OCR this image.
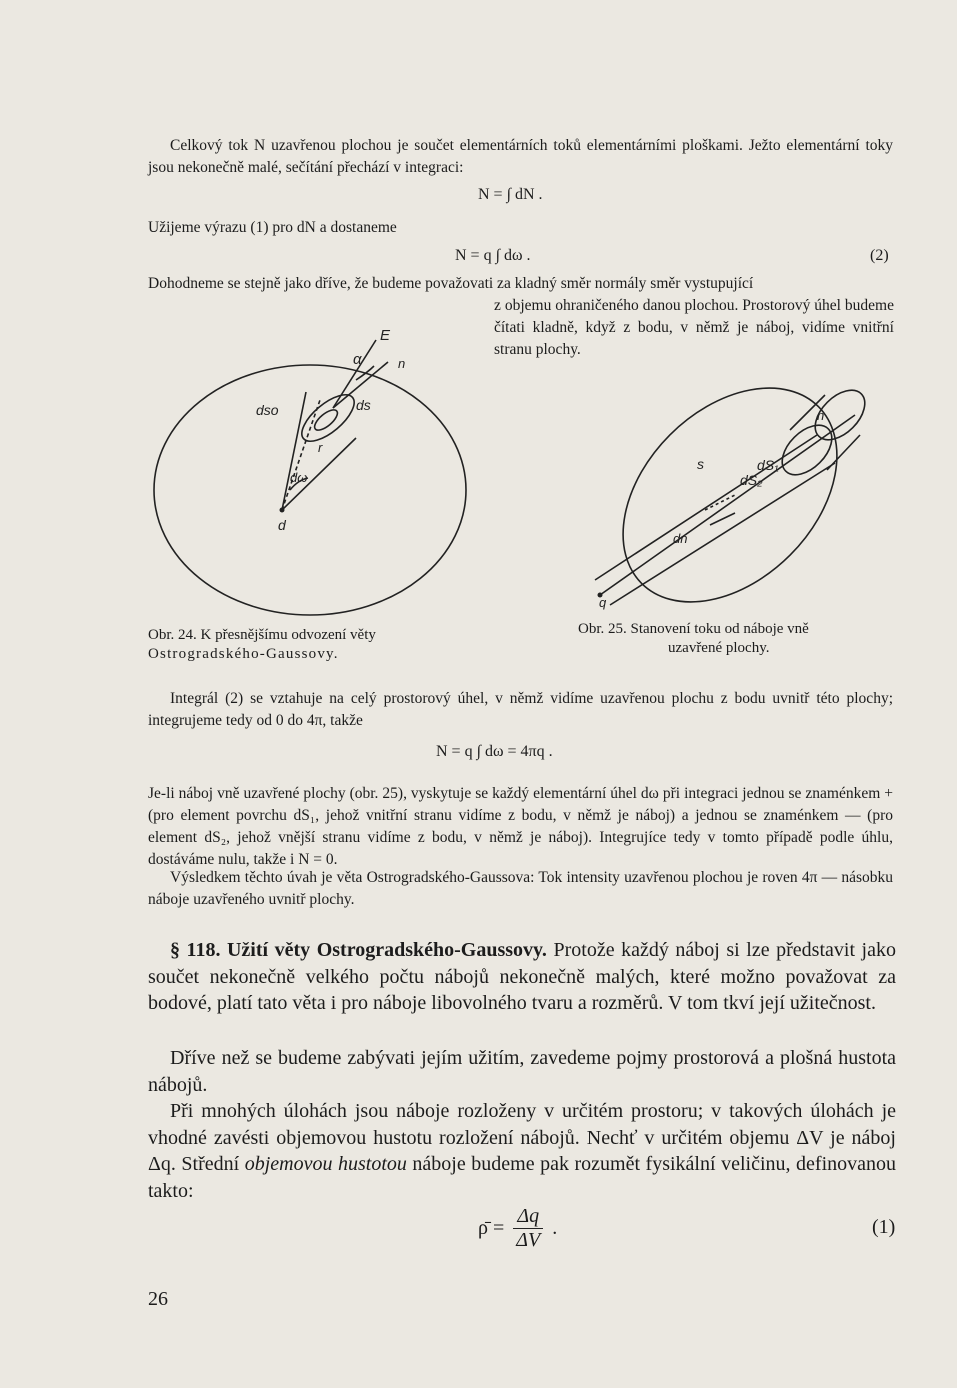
Celkový tok N uzavřenou plochou je součet elementárních toků elementárními ploškami. Ježto elementární toky jsou nekonečně malé, sečítání přechází v integraci:
N = ∫ dN .
Užijeme výrazu (1) pro dN a dostaneme
N = q ∫ dω .	(2)
Dohodneme se stejně jako dříve, že budeme považovati za kladný směr normály směr vystupující
z objemu ohraničeného danou plochou. Prostorový úhel budeme čítati kladně, když z bodu, v němž je náboj, vidíme vnitřní stranu plochy.
E
α	n
dso	ds
r
dω
d
n
s	dS₁
dS₂
dn
q
Obr. 24. K přesnějšímu odvození věty
Ostrogradského-Gaussovy.
Obr. 25. Stanovení toku od náboje vně
uzavřené plochy.
Integrál (2) se vztahuje na celý prostorový úhel, v němž vidíme uzavřenou plochu z bodu uvnitř této plochy; integrujeme tedy od 0 do 4π, takže
N = q ∫ dω = 4πq .
Je-li náboj vně uzavřené plochy (obr. 25), vyskytuje se každý elementární úhel dω při integraci jednou se znaménkem + (pro element povrchu dS₁, jehož vnitřní stranu vidíme z bodu, v němž je náboj) a jednou se znaménkem — (pro element dS₂, jehož vnější stranu vidíme z bodu, v němž je náboj). Integrujíce tedy v tomto případě podle úhlu, dostáváme nulu, takže i N = 0.
Výsledkem těchto úvah je věta Ostrogradského-Gaussova: Tok intensity uzavřenou plochou je roven 4π — násobku náboje uzavřeného uvnitř plochy.
§ 118. Užití věty Ostrogradského-Gaussovy. Protože každý náboj si lze představit jako součet nekonečně velkého počtu nábojů nekonečně malých, které možno považovat za bodové, platí tato věta i pro náboje libovolného tvaru a rozměrů. V tom tkví její užitečnost.
Dříve než se budeme zabývati jejím užitím, zavedeme pojmy prostorová a plošná hustota nábojů.
Při mnohých úlohách jsou náboje rozloženy v určitém prostoru; v takových úlohách je vhodné zavésti objemovou hustotu rozložení nábojů. Nechť v určitém objemu ΔV je náboj Δq. Střední objemovou hustotou náboje budeme pak rozumět fysikální veličinu, definovanou takto:
ρ̄ = $\frac{\Delta q}{\Delta V}$ .	(1)
26
